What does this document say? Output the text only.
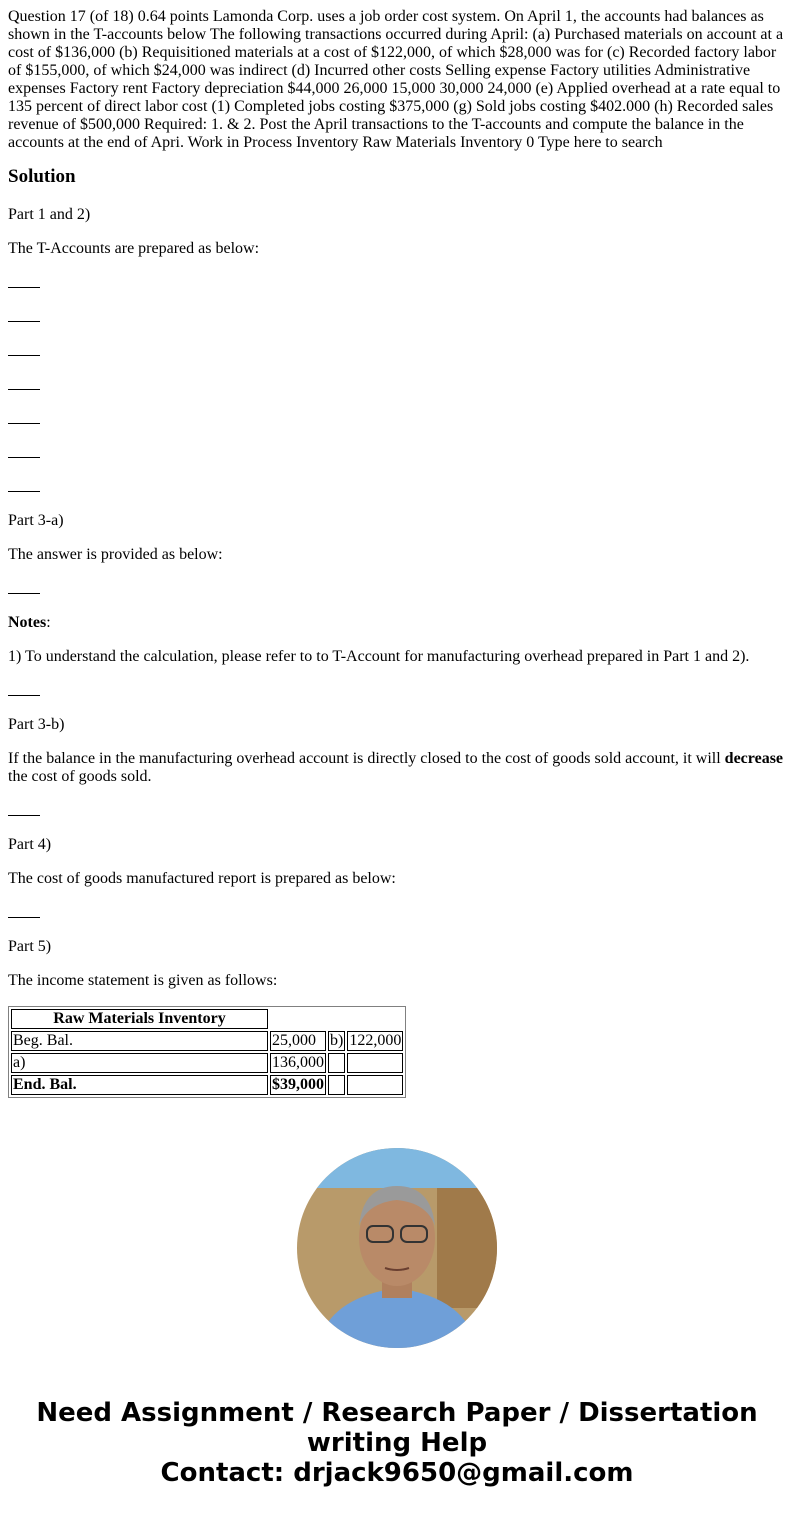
Question 17 (of 18) 0.64 points Lamonda Corp. uses a job order cost system. On April 1, the accounts had balances as shown in the T-accounts below The following transactions occurred during April: (a) Purchased materials on account at a cost of $136,000 (b) Requisitioned materials at a cost of $122,000, of which $28,000 was for (c) Recorded factory labor of $155,000, of which $24,000 was indirect (d) Incurred other costs Selling expense Factory utilities Administrative expenses Factory rent Factory depreciation $44,000 26,000 15,000 30,000 24,000 (e) Applied overhead at a rate equal to 135 percent of direct labor cost (1) Completed jobs costing $375,000 (g) Sold jobs costing $402.000 (h) Recorded sales revenue of $500,000 Required: 1. & 2. Post the April transactions to the T-accounts and compute the balance in the accounts at the end of Apri. Work in Process Inventory Raw Materials Inventory 0 Type here to search
Solution

Part 1 and 2)

The T-Accounts are prepared as below:

Part 3-a)

The answer is provided as below:

Notes:

1) To understand the calculation, please refer to to T-Account for manufacturing overhead prepared in Part 1 and 2).

Part 3-b)

If the balance in the manufacturing overhead account is directly closed to the cost of goods sold account, it will decrease the cost of goods sold.

Part 4)

The cost of goods manufactured report is prepared as below:

Part 5)

The income statement is given as follows:

Raw Materials Inventory			
Beg. Bal.	25,000	b)	122,000
a)	136,000		
End. Bal.	$39,000		
Need Assignment / Research Paper / Dissertation writing Help
Contact: drjack9650@gmail.com
